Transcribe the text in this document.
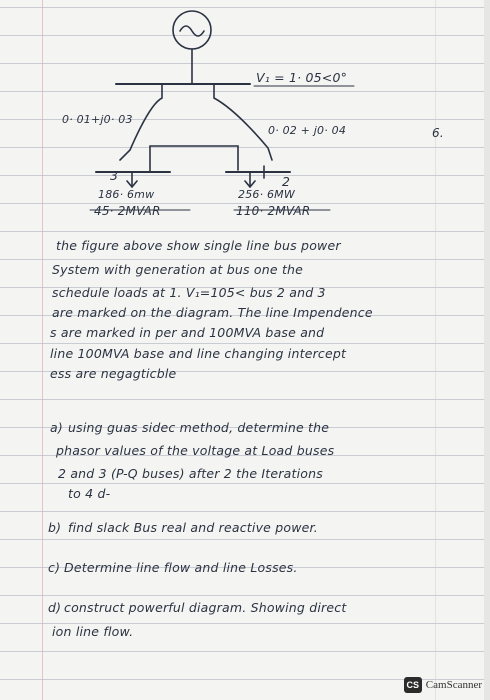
V₁ = 1· 05<0°
0· 01+j0· 03
0· 02 + j0· 04
3	2
186· 6mw
45· 2MVAR
256· 6MW
110· 2MVAR
6.
the figure above show single line bus power
System with generation at bus one the
schedule loads at 1. V₁=105< bus 2 and 3
are marked on the diagram. The line Impendence
s are marked in per and 100MVA base and
line 100MVA base and line changing intercept
ess are negagticble
a) using guas sidec method, determine the
phasor values of the voltage at Load buses
2 and 3 (P-Q buses) after 2 the Iterations
to 4 d-
b) find slack Bus real and reactive power.
c) Determine line flow and line Losses.
d) construct powerful diagram. Showing direct
ion line flow.
CS CamScanner
